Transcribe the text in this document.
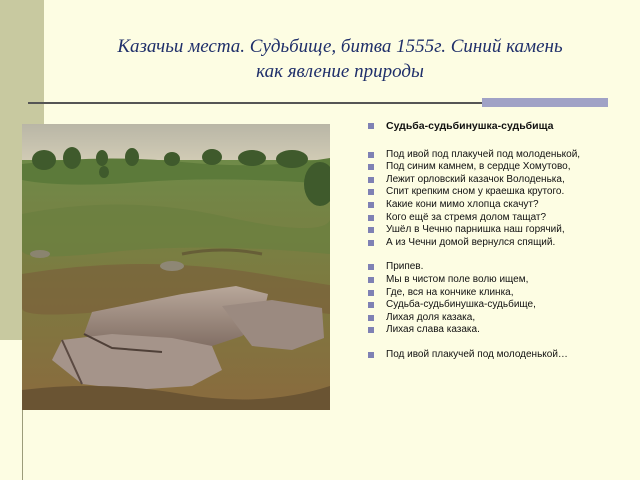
Казачьи места. Судьбище, битва 1555г. Синий камень
как явление природы
Судьба-судьбинушка-судьбища
Под ивой под плакучей под молоденькой,
Под синим камнем, в сердце Хомутово,
Лежит орловский казачок Володенька,
Спит крепким сном у краешка крутого.
Какие кони мимо хлопца скачут?
Кого ещё за стремя долом тащат?
Ушёл в Чечню парнишка наш горячий,
А из Чечни домой вернулся спящий.
Припев.
Мы в чистом поле волю ищем,
Где, вся на кончике клинка,
Судьба-судьбинушка-судьбище,
Лихая доля казака,
Лихая слава казака.
Под ивой плакучей под молоденькой…
